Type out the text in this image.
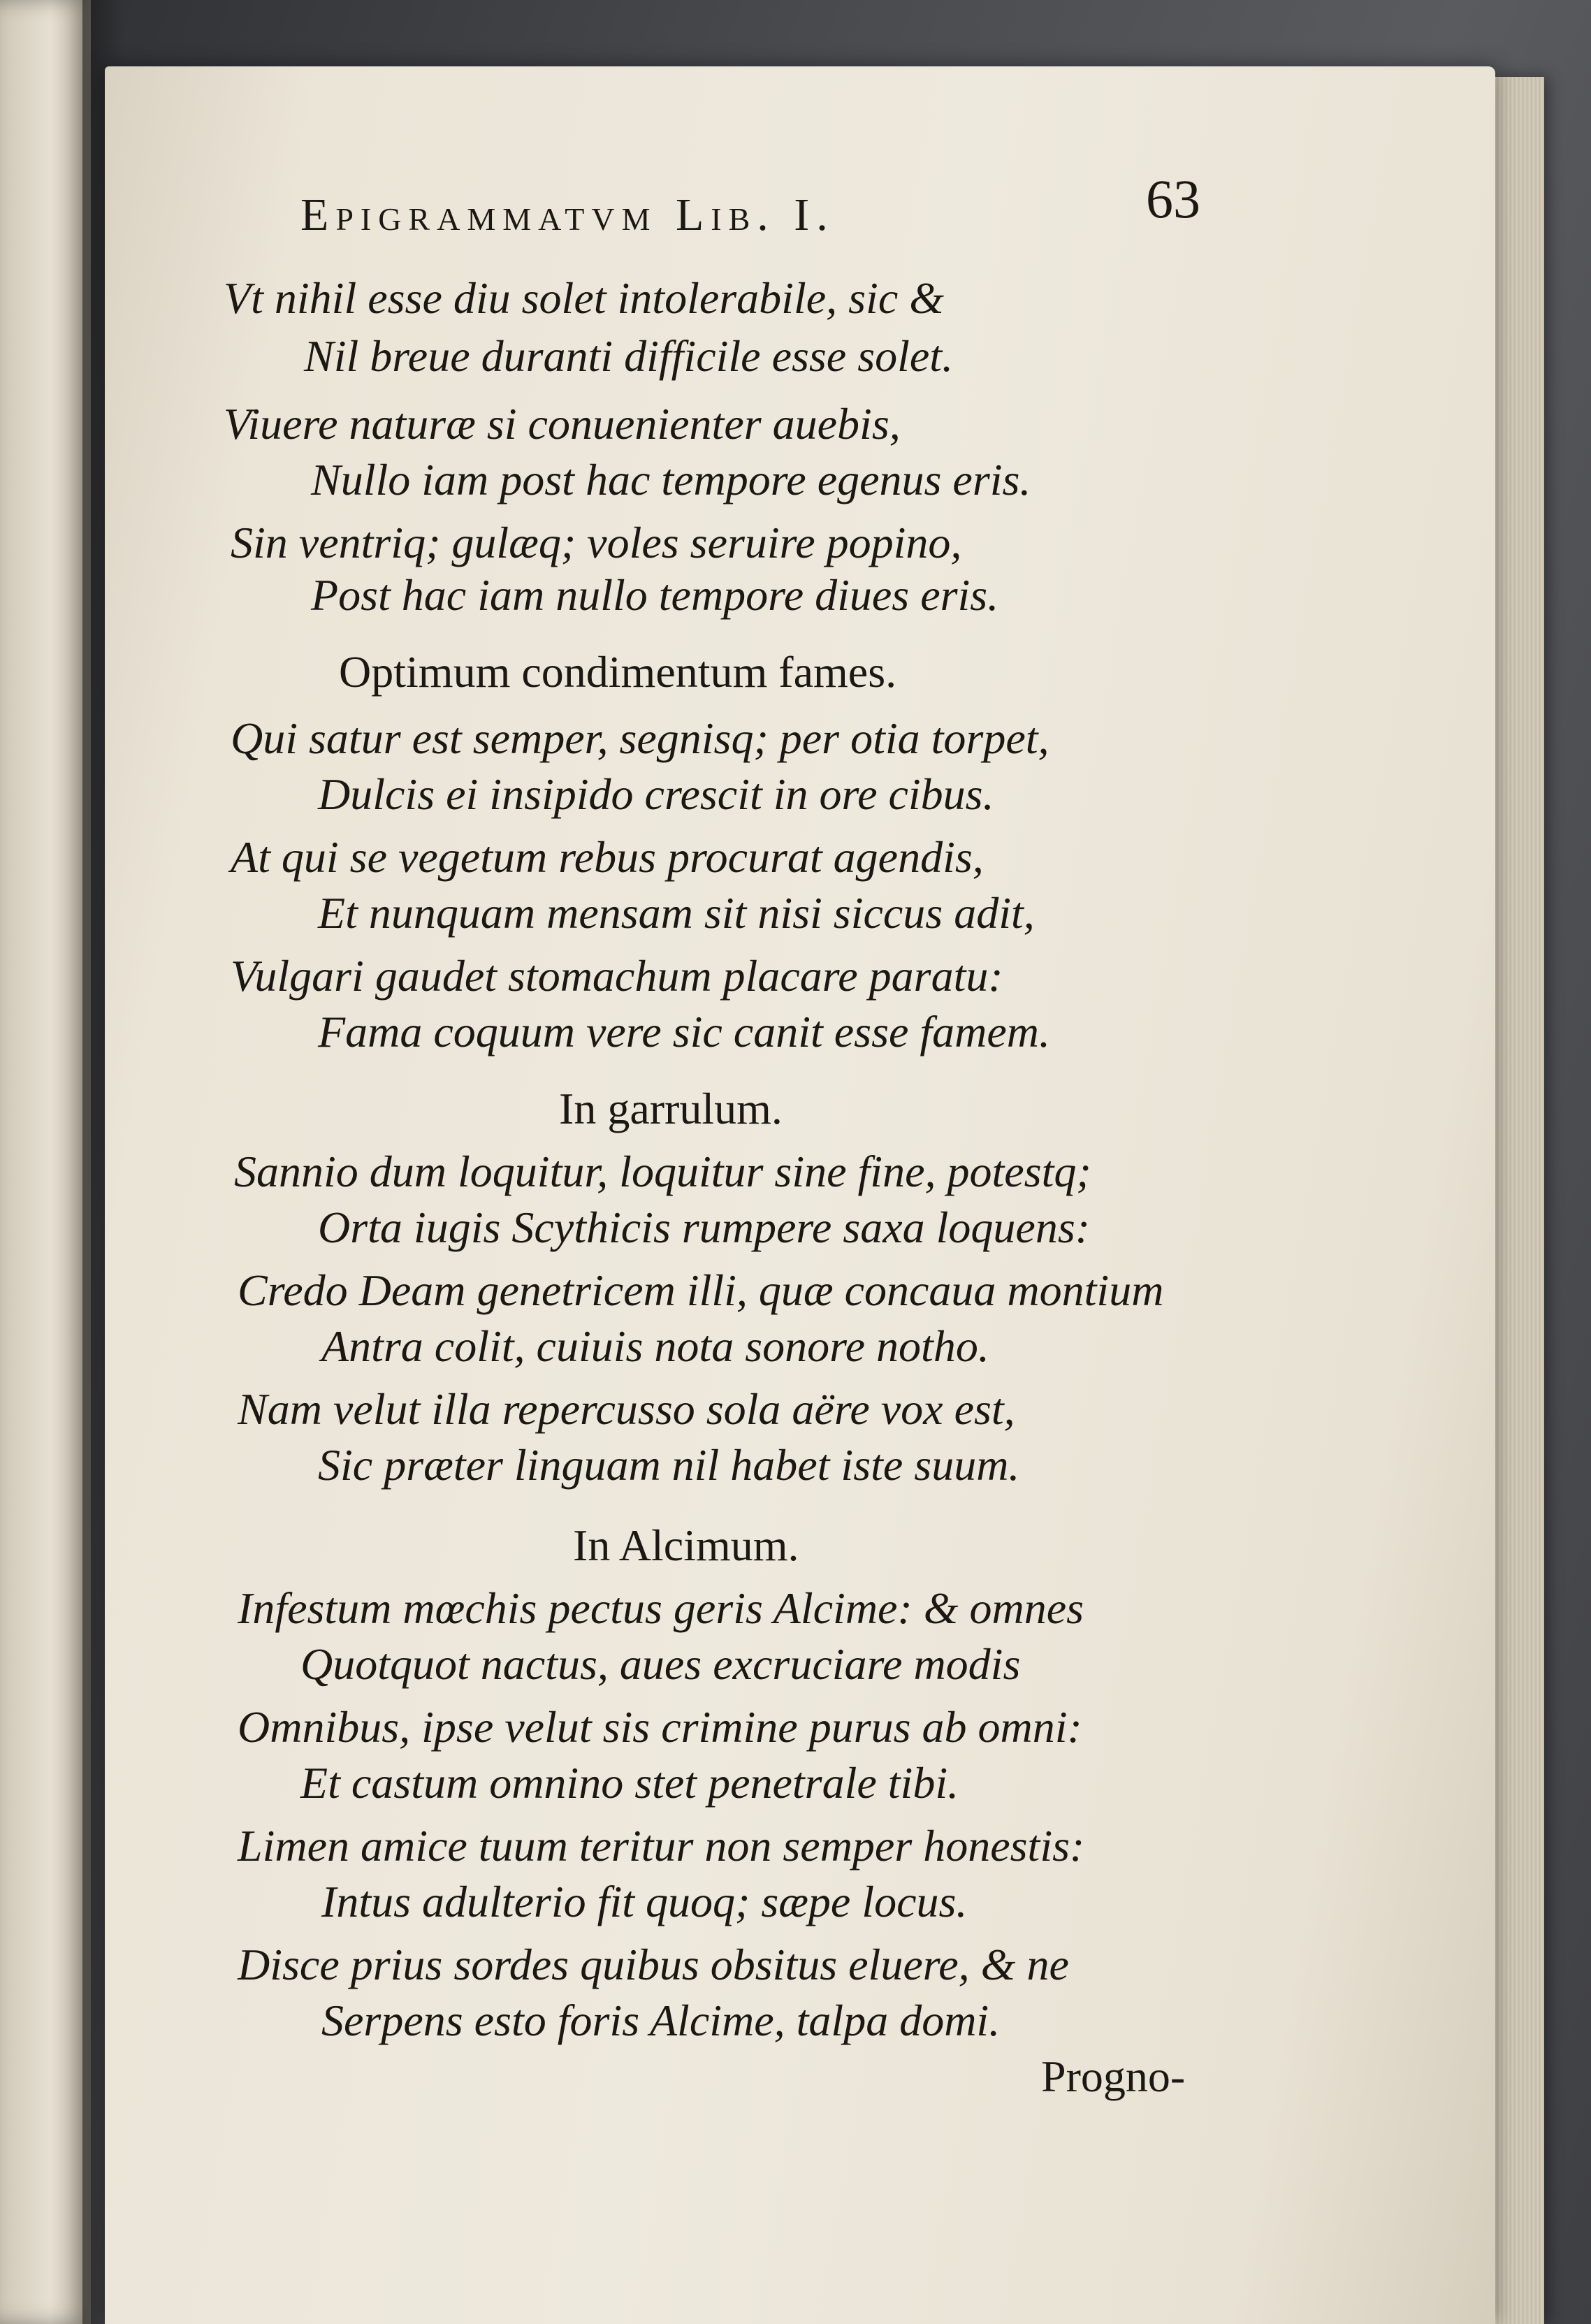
Epigrammatvm Lib. I.	63
Vt nihil esse diu solet intolerabile, sic &
Nil breue duranti difficile esse solet.
Viuere naturæ si conuenienter auebis,
Nullo iam post hac tempore egenus eris.
Sin ventriq; gulæq; voles seruire popino,
Post hac iam nullo tempore diues eris.
Optimum condimentum fames.
Qui satur est semper, segnisq; per otia torpet,
Dulcis ei insipido crescit in ore cibus.
At qui se vegetum rebus procurat agendis,
Et nunquam mensam sit nisi siccus adit,
Vulgari gaudet stomachum placare paratu:
Fama coquum vere sic canit esse famem.
In garrulum.
Sannio dum loquitur, loquitur sine fine, potestq;
Orta iugis Scythicis rumpere saxa loquens:
Credo Deam genetricem illi, quæ concaua montium
Antra colit, cuiuis nota sonore notho.
Nam velut illa repercusso sola aëre vox est,
Sic præter linguam nil habet iste suum.
In Alcimum.
Infestum mœchis pectus geris Alcime: & omnes
Quotquot nactus, aues excruciare modis
Omnibus, ipse velut sis crimine purus ab omni:
Et castum omnino stet penetrale tibi.
Limen amice tuum teritur non semper honestis:
Intus adulterio fit quoq; sæpe locus.
Disce prius sordes quibus obsitus eluere, & ne
Serpens esto foris Alcime, talpa domi.
Progno-
